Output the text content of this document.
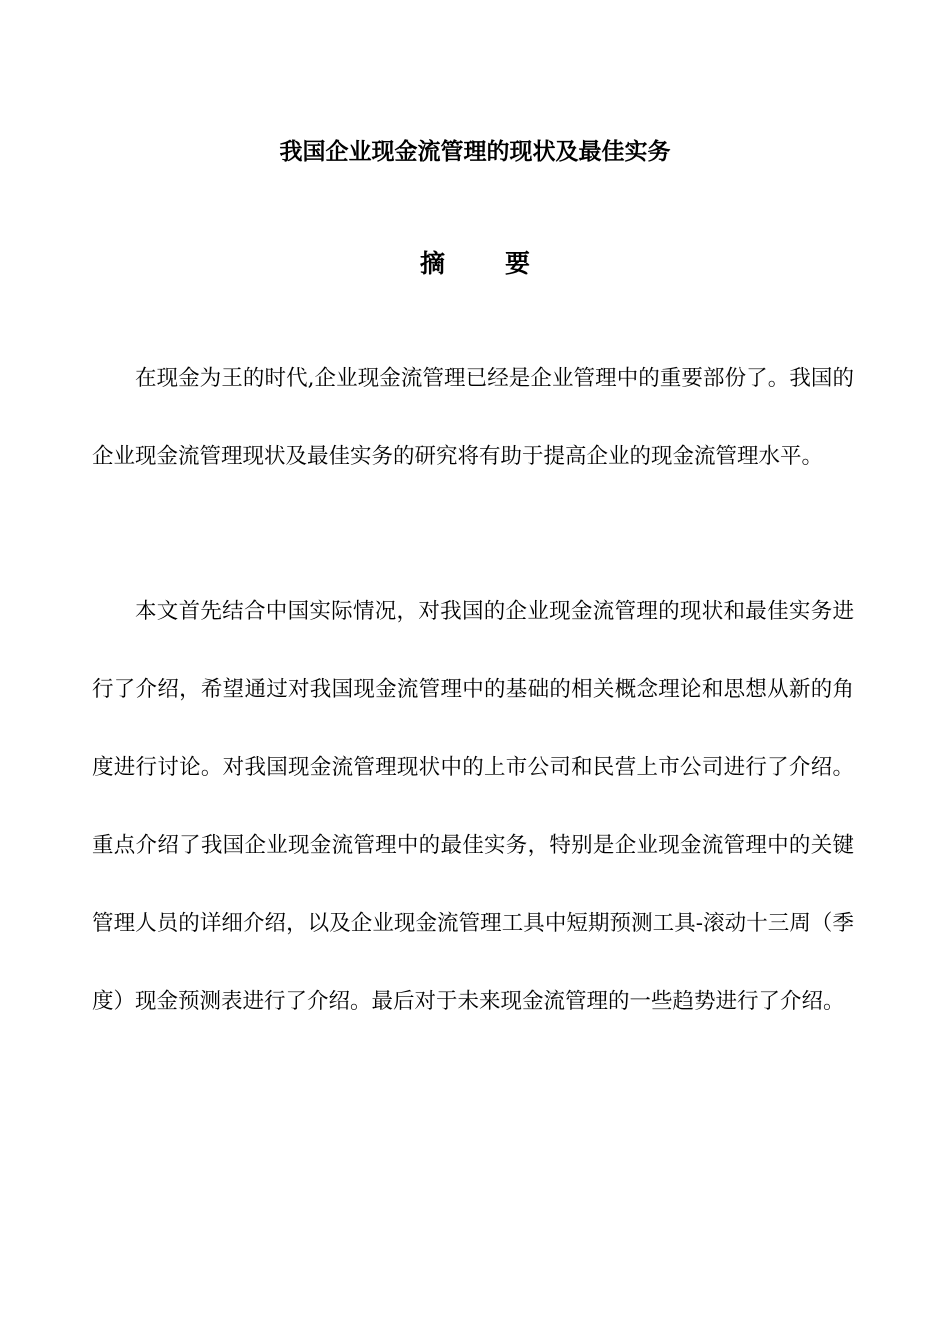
我国企业现金流管理的现状及最佳实务
摘 要

在现金为王的时代,企业现金流管理已经是企业管理中的重要部份了。我国的企业现金流管理现状及最佳实务的研究将有助于提高企业的现金流管理水平。

本文首先结合中国实际情况，对我国的企业现金流管理的现状和最佳实务进行了介绍，希望通过对我国现金流管理中的基础的相关概念理论和思想从新的角度进行讨论。对我国现金流管理现状中的上市公司和民营上市公司进行了介绍。重点介绍了我国企业现金流管理中的最佳实务，特别是企业现金流管理中的关键管理人员的详细介绍，以及企业现金流管理工具中短期预测工具-滚动十三周（季度）现金预测表进行了介绍。最后对于未来现金流管理的一些趋势进行了介绍。
